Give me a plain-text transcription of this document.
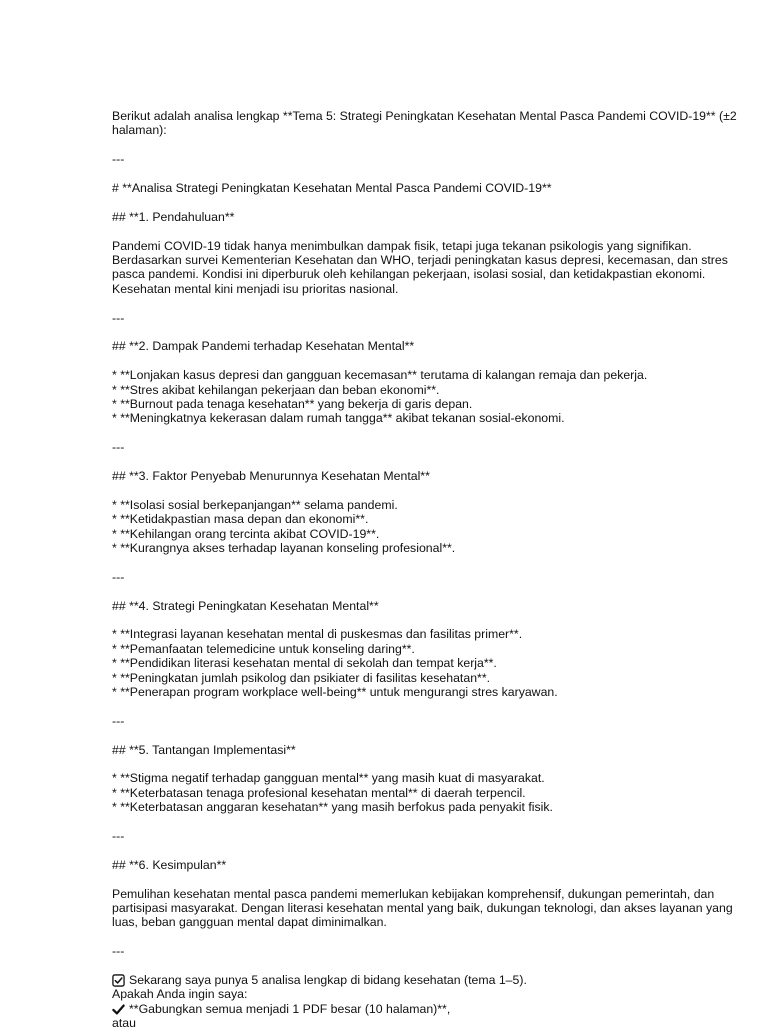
Berikut adalah analisa lengkap **Tema 5: Strategi Peningkatan Kesehatan Mental Pasca Pandemi COVID-19** (±2

halaman):

---

# **Analisa Strategi Peningkatan Kesehatan Mental Pasca Pandemi COVID-19**

## **1. Pendahuluan**

Pandemi COVID-19 tidak hanya menimbulkan dampak fisik, tetapi juga tekanan psikologis yang signifikan.

Berdasarkan survei Kementerian Kesehatan dan WHO, terjadi peningkatan kasus depresi, kecemasan, dan stres

pasca pandemi. Kondisi ini diperburuk oleh kehilangan pekerjaan, isolasi sosial, dan ketidakpastian ekonomi.

Kesehatan mental kini menjadi isu prioritas nasional.

---

## **2. Dampak Pandemi terhadap Kesehatan Mental**

* **Lonjakan kasus depresi dan gangguan kecemasan** terutama di kalangan remaja dan pekerja.

* **Stres akibat kehilangan pekerjaan dan beban ekonomi**.

* **Burnout pada tenaga kesehatan** yang bekerja di garis depan.

* **Meningkatnya kekerasan dalam rumah tangga** akibat tekanan sosial-ekonomi.

---

## **3. Faktor Penyebab Menurunnya Kesehatan Mental**

* **Isolasi sosial berkepanjangan** selama pandemi.

* **Ketidakpastian masa depan dan ekonomi**.

* **Kehilangan orang tercinta akibat COVID-19**.

* **Kurangnya akses terhadap layanan konseling profesional**.

---

## **4. Strategi Peningkatan Kesehatan Mental**

* **Integrasi layanan kesehatan mental di puskesmas dan fasilitas primer**.

* **Pemanfaatan telemedicine untuk konseling daring**.

* **Pendidikan literasi kesehatan mental di sekolah dan tempat kerja**.

* **Peningkatan jumlah psikolog dan psikiater di fasilitas kesehatan**.

* **Penerapan program workplace well-being** untuk mengurangi stres karyawan.

---

## **5. Tantangan Implementasi**

* **Stigma negatif terhadap gangguan mental** yang masih kuat di masyarakat.

* **Keterbatasan tenaga profesional kesehatan mental** di daerah terpencil.

* **Keterbatasan anggaran kesehatan** yang masih berfokus pada penyakit fisik.

---

## **6. Kesimpulan**

Pemulihan kesehatan mental pasca pandemi memerlukan kebijakan komprehensif, dukungan pemerintah, dan

partisipasi masyarakat. Dengan literasi kesehatan mental yang baik, dukungan teknologi, dan akses layanan yang

luas, beban gangguan mental dapat diminimalkan.

---

Sekarang saya punya 5 analisa lengkap di bidang kesehatan (tema 1–5).

Apakah Anda ingin saya:

**Gabungkan semua menjadi 1 PDF besar (10 halaman)**,

atau
